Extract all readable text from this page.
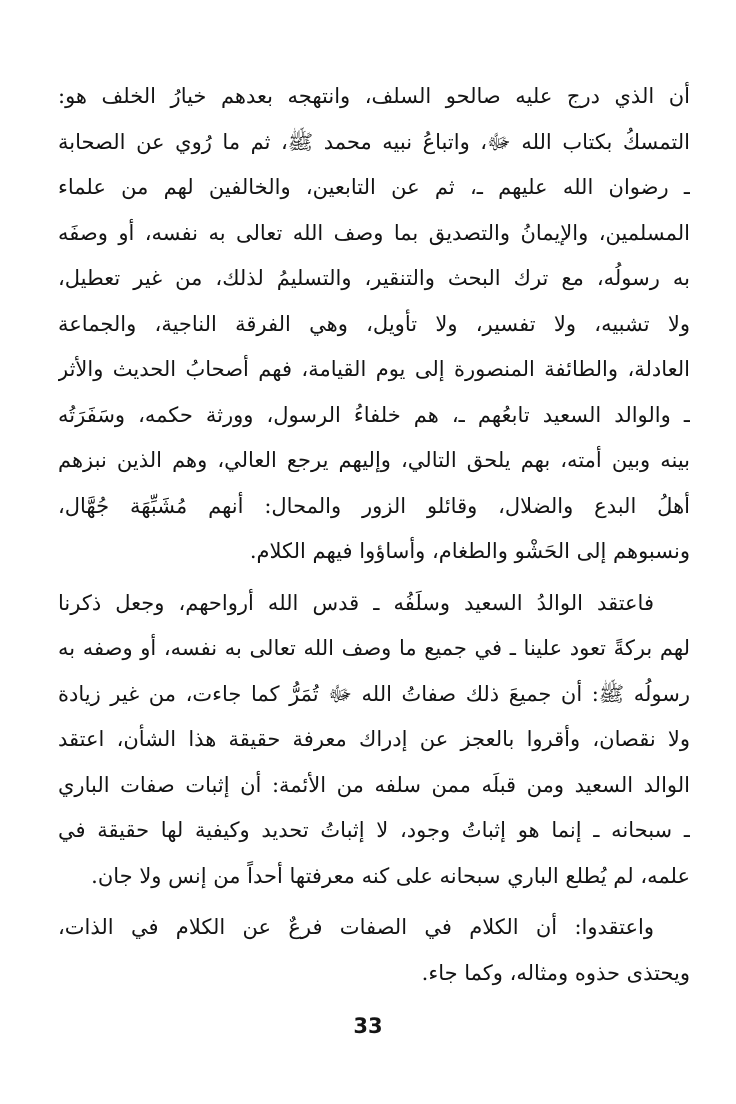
أن الذي درج عليه صالحو السلف، وانتهجه بعدهم خيارُ الخلف هو:
التمسكُ بكتاب الله ﷻ، واتباعُ نبيه محمد ﷺ، ثم ما رُوي عن الصحابة
ـ رضوان الله عليهم ـ، ثم عن التابعين، والخالفين لهم من علماء
المسلمين، والإيمانُ والتصديق بما وصف الله تعالى به نفسه، أو وصفَه
به رسولُه، مع ترك البحث والتنقير، والتسليمُ لذلك، من غير تعطيل،
ولا تشبيه، ولا تفسير، ولا تأويل، وهي الفرقة الناجية، والجماعة
العادلة، والطائفة المنصورة إلى يوم القيامة، فهم أصحابُ الحديث والأثر
ـ والوالد السعيد تابعُهم ـ، هم خلفاءُ الرسول، وورثة حكمه، وسَفَرَتُه
بينه وبين أمته، بهم يلحق التالي، وإليهم يرجع العالي، وهم الذين نبزهم
أهلُ البدع والضلال، وقائلو الزور والمحال: أنهم مُشَبِّهَة جُهَّال،
ونسبوهم إلى الحَشْو والطغام، وأساؤوا فيهم الكلام.
فاعتقد الوالدُ السعيد وسلَفُه ـ قدس الله أرواحهم، وجعل ذكرنا
لهم بركةً تعود علينا ـ في جميع ما وصف الله تعالى به نفسه، أو وصفه به
رسولُه ﷺ: أن جميعَ ذلك صفاتُ الله ﷻ تُمَرُّ كما جاءت، من غير زيادة
ولا نقصان، وأقروا بالعجز عن إدراك معرفة حقيقة هذا الشأن، اعتقد
الوالد السعيد ومن قبلَه ممن سلفه من الأئمة: أن إثبات صفات الباري
ـ سبحانه ـ إنما هو إثباتُ وجود، لا إثباتُ تحديد وكيفية لها حقيقة في
علمه، لم يُطلع الباري سبحانه على كنه معرفتها أحداً من إنس ولا جان.
واعتقدوا: أن الكلام في الصفات فرعٌ عن الكلام في الذات،
ويحتذى حذوه ومثاله، وكما جاء.
33
